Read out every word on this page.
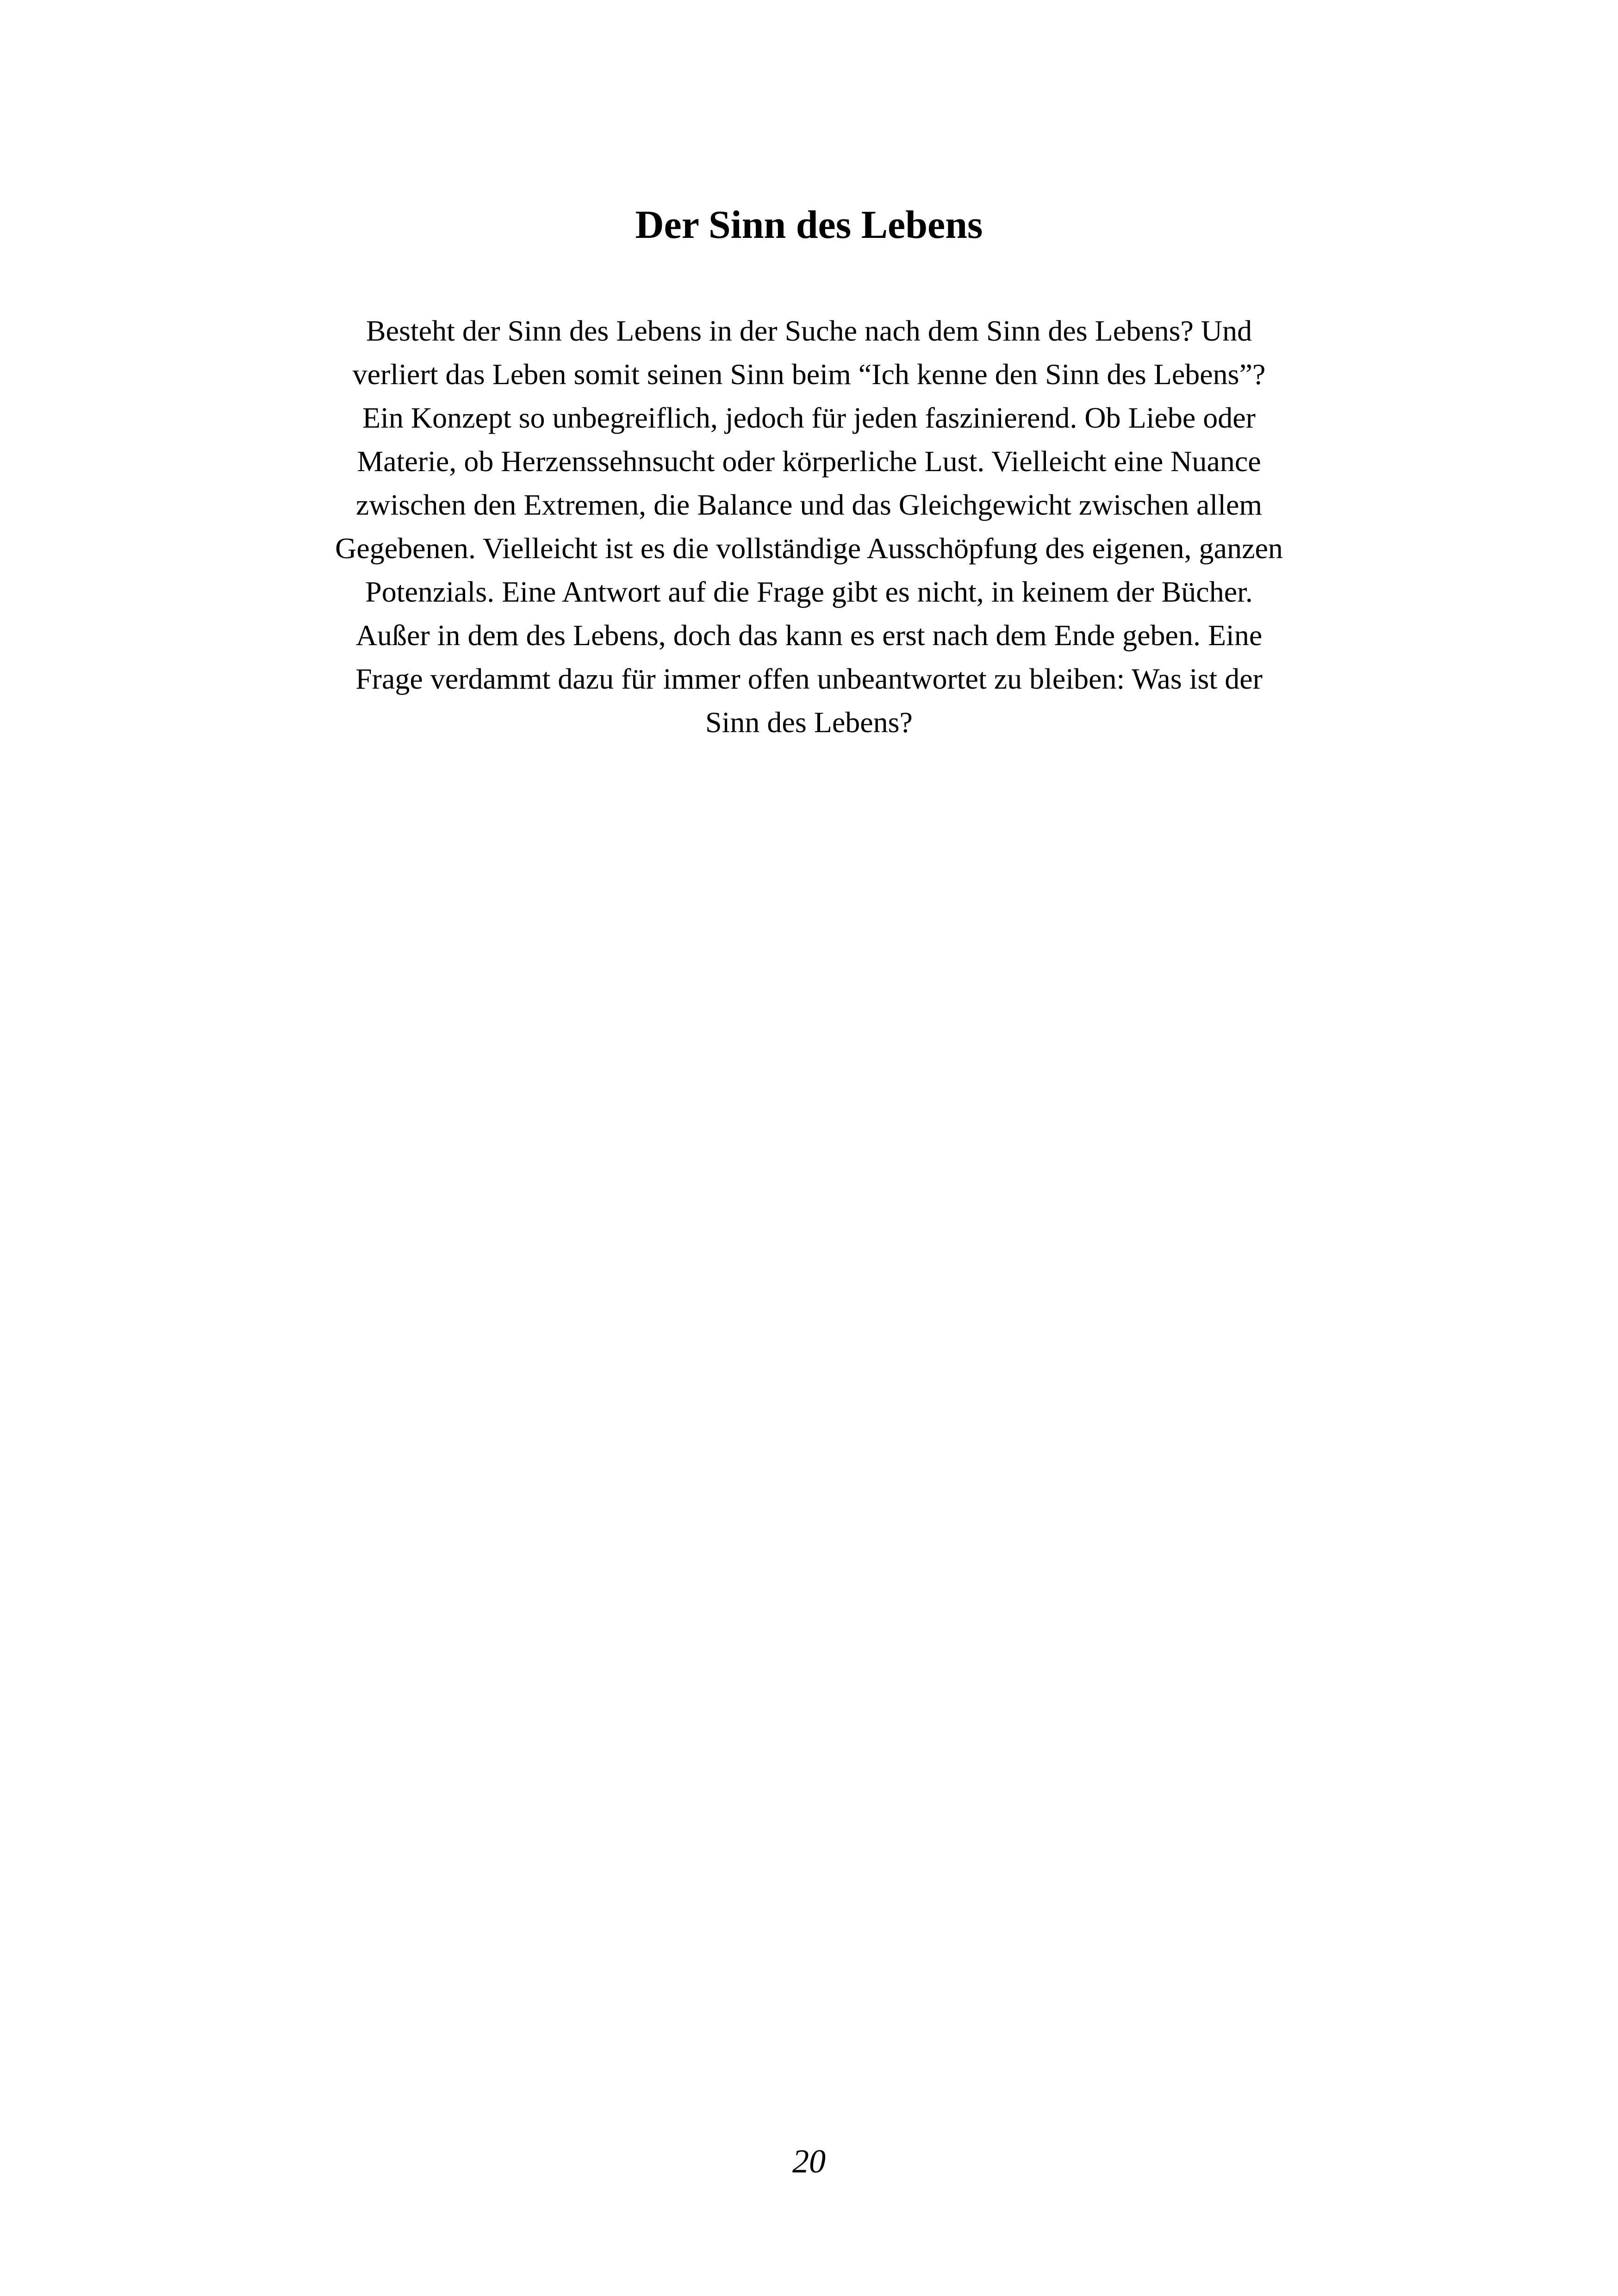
Der Sinn des Lebens

Besteht der Sinn des Lebens in der Suche nach dem Sinn des Lebens? Und
verliert das Leben somit seinen Sinn beim “Ich kenne den Sinn des Lebens”?
Ein Konzept so unbegreiflich, jedoch für jeden faszinierend. Ob Liebe oder
Materie, ob Herzenssehnsucht oder körperliche Lust. Vielleicht eine Nuance
zwischen den Extremen, die Balance und das Gleichgewicht zwischen allem
Gegebenen. Vielleicht ist es die vollständige Ausschöpfung des eigenen, ganzen
Potenzials. Eine Antwort auf die Frage gibt es nicht, in keinem der Bücher.
Außer in dem des Lebens, doch das kann es erst nach dem Ende geben. Eine
Frage verdammt dazu für immer offen unbeantwortet zu bleiben: Was ist der
Sinn des Lebens?

20
